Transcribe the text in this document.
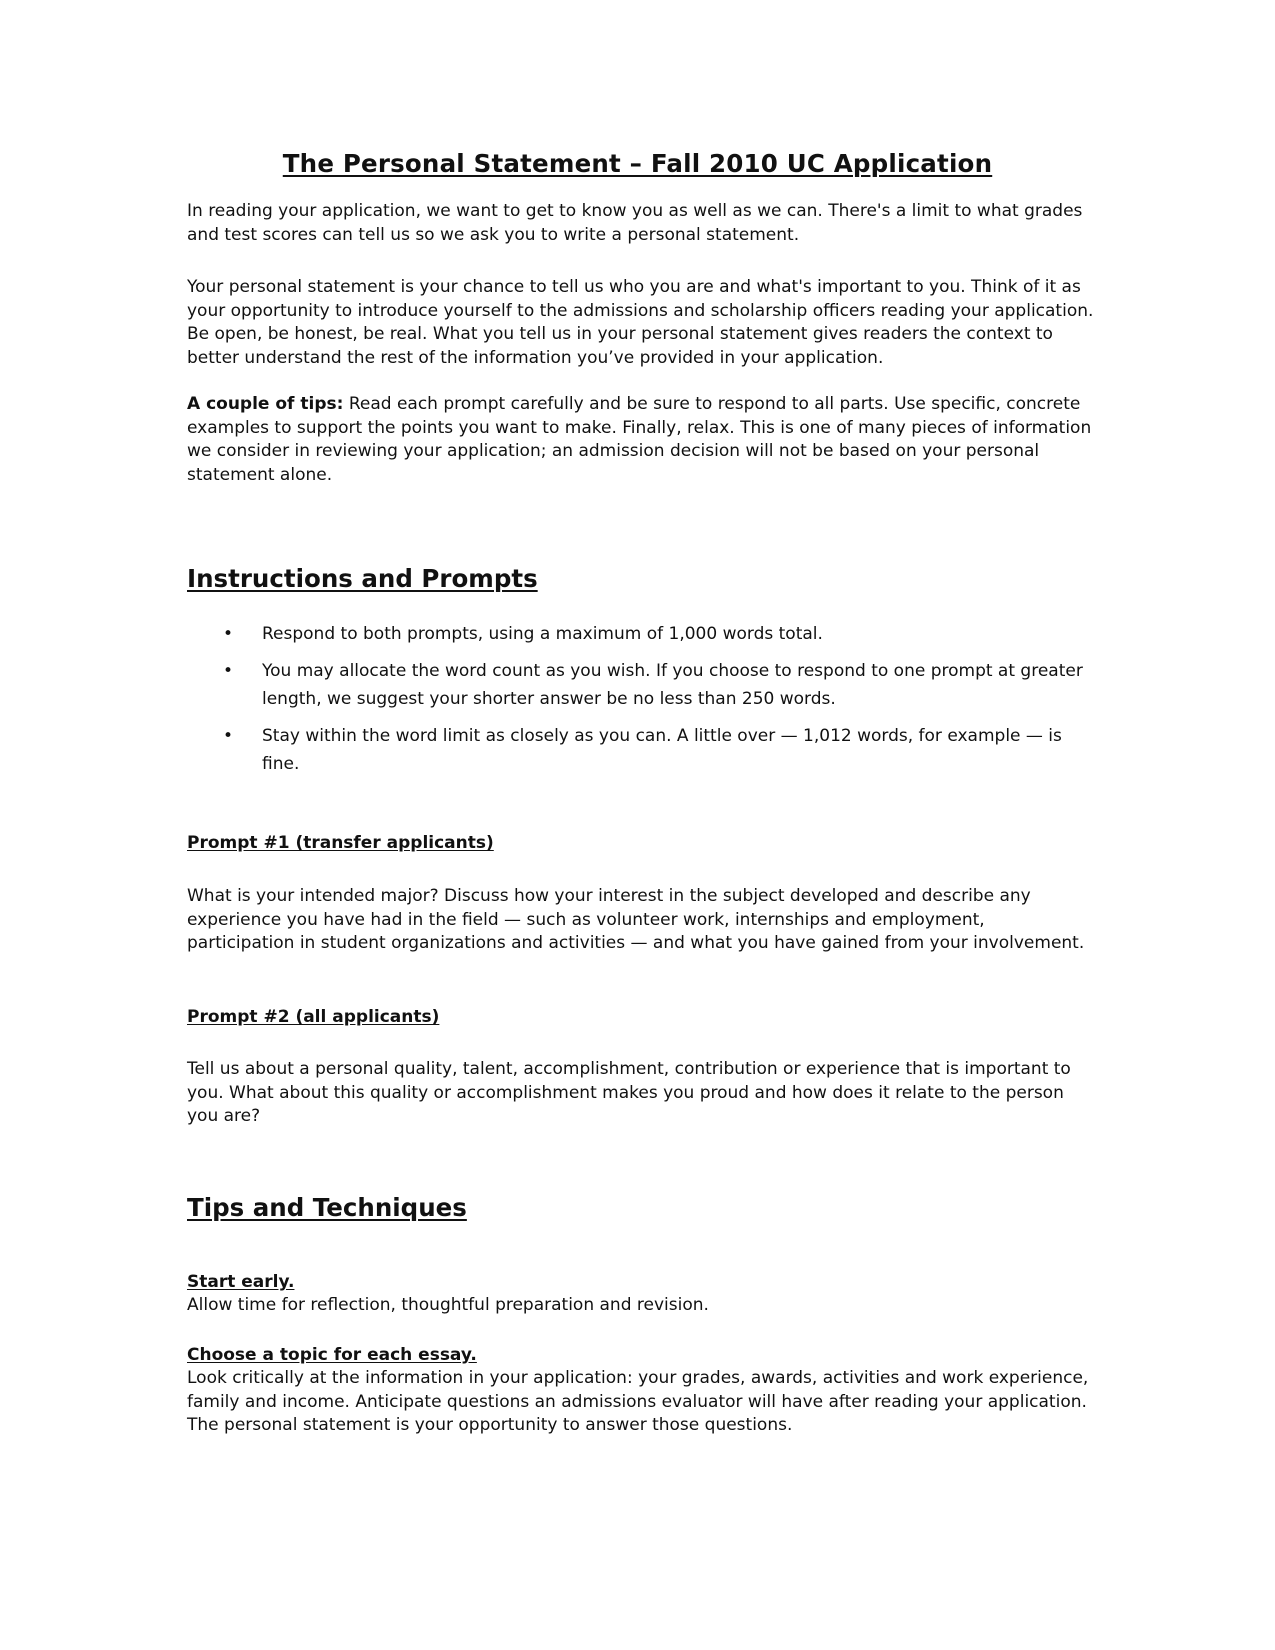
The Personal Statement – Fall 2010 UC Application

In reading your application, we want to get to know you as well as we can. There's a limit to what grades and test scores can tell us so we ask you to write a personal statement.

Your personal statement is your chance to tell us who you are and what's important to you. Think of it as your opportunity to introduce yourself to the admissions and scholarship officers reading your application. Be open, be honest, be real. What you tell us in your personal statement gives readers the context to better understand the rest of the information you’ve provided in your application.

A couple of tips: Read each prompt carefully and be sure to respond to all parts. Use specific, concrete examples to support the points you want to make. Finally, relax. This is one of many pieces of information we consider in reviewing your application; an admission decision will not be based on your personal statement alone.

Instructions and Prompts
• Respond to both prompts, using a maximum of 1,000 words total.
• You may allocate the word count as you wish. If you choose to respond to one prompt at greater length, we suggest your shorter answer be no less than 250 words.
• Stay within the word limit as closely as you can. A little over — 1,012 words, for example — is fine.
Prompt #1 (transfer applicants)

What is your intended major? Discuss how your interest in the subject developed and describe any experience you have had in the field — such as volunteer work, internships and employment, participation in student organizations and activities — and what you have gained from your involvement.

Prompt #2 (all applicants)

Tell us about a personal quality, talent, accomplishment, contribution or experience that is important to you. What about this quality or accomplishment makes you proud and how does it relate to the person you are?

Tips and Techniques
Start early.

Allow time for reflection, thoughtful preparation and revision.

Choose a topic for each essay.

Look critically at the information in your application: your grades, awards, activities and work experience, family and income. Anticipate questions an admissions evaluator will have after reading your application. The personal statement is your opportunity to answer those questions.
